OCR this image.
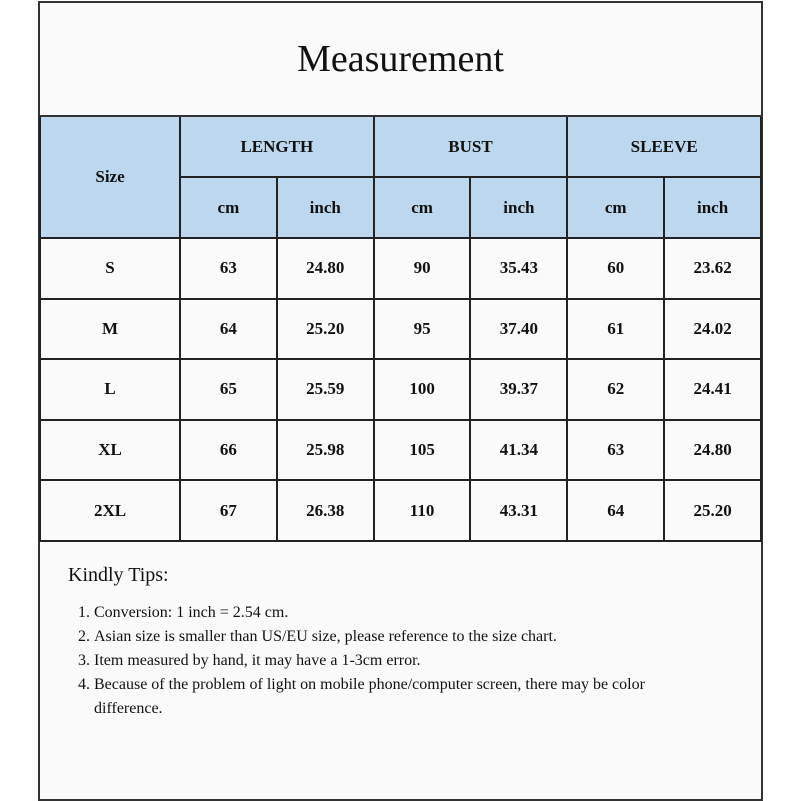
Measurement
Size	LENGTH		BUST		SLEEVE	
	cm	inch	cm	inch	cm	inch
S	63	24.80	90	35.43	60	23.62
M	64	25.20	95	37.40	61	24.02
L	65	25.59	100	39.37	62	24.41
XL	66	25.98	105	41.34	63	24.80
2XL	67	26.38	110	43.31	64	25.20
Kindly Tips:
1. Conversion: 1 inch = 2.54 cm.
2. Asian size is smaller than US/EU size, please reference to the size chart.
3. Item measured by hand, it may have a 1-3cm error.
4. Because of the problem of light on mobile phone/computer screen, there may be color difference.
